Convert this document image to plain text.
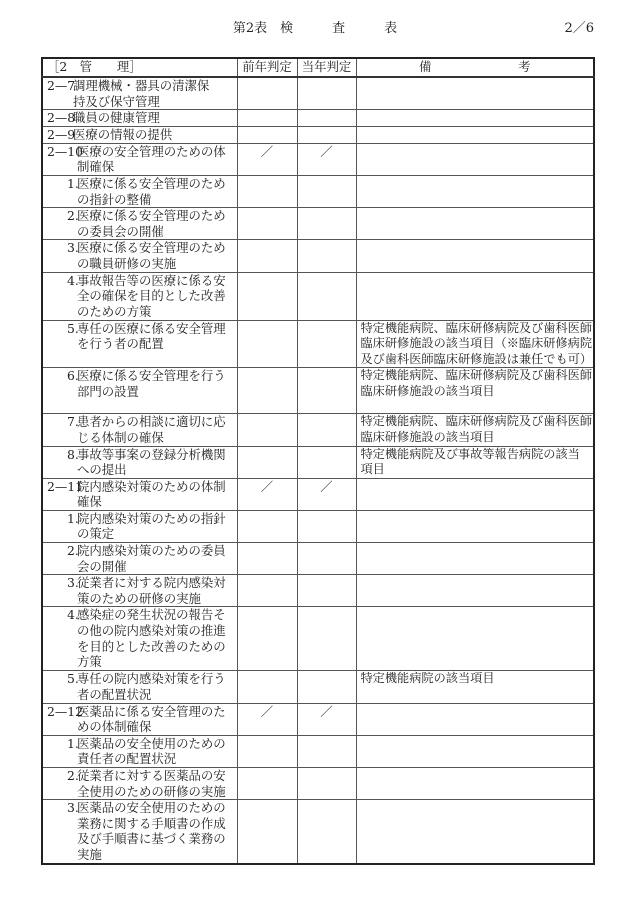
第2表　検　　　査　　　表	2／6
［2　管　　理］	前年判定	当年判定	備　　　　　　　考

2—7
調理機械・器具の清潔保
持及び保守管理			

2—8
職員の健康管理			

2—9
医療の情報の提供			

2—10
医療の安全管理のための体
制確保	／	／	

1.
医療に係る安全管理のため
の指針の整備			

2.
医療に係る安全管理のため
の委員会の開催			

3.
医療に係る安全管理のため
の職員研修の実施			

4.
事故報告等の医療に係る安
全の確保を目的とした改善
のための方策			

5.
専任の医療に係る安全管理
を行う者の配置			特定機能病院、臨床研修病院及び歯科医師
臨床研修施設の該当項目（※臨床研修病院
及び歯科医師臨床研修施設は兼任でも可）

6.
医療に係る安全管理を行う
部門の設置			特定機能病院、臨床研修病院及び歯科医師
臨床研修施設の該当項目

7.
患者からの相談に適切に応
じる体制の確保			特定機能病院、臨床研修病院及び歯科医師
臨床研修施設の該当項目

8.
事故等事案の登録分析機関
への提出			特定機能病院及び事故等報告病院の該当
項目

2—11
院内感染対策のための体制
確保	／	／	

1.
院内感染対策のための指針
の策定			

2.
院内感染対策のための委員
会の開催			

3.
従業者に対する院内感染対
策のための研修の実施			

4.
感染症の発生状況の報告そ
の他の院内感染対策の推進
を目的とした改善のための
方策			

5.
専任の院内感染対策を行う
者の配置状況			特定機能病院の該当項目

2—12
医薬品に係る安全管理のた
めの体制確保	／	／	

1.
医薬品の安全使用のための
責任者の配置状況			

2.
従業者に対する医薬品の安
全使用のための研修の実施			

3.
医薬品の安全使用のための
業務に関する手順書の作成
及び手順書に基づく業務の
実施			
